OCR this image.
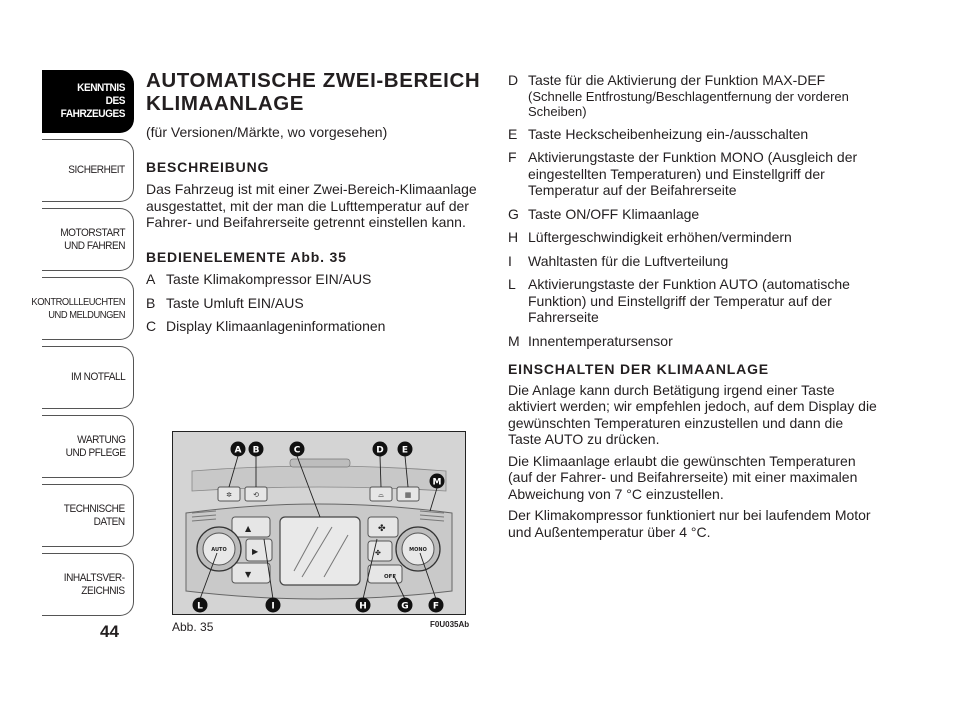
KENNTNIS
DES FAHRZEUGES
SICHERHEIT
MOTORSTART
UND FAHREN
KONTROLLLEUCHTEN
UND MELDUNGEN
IM NOTFALL
WARTUNG
UND PFLEGE
TECHNISCHE
DATEN
INHALTSVER-
ZEICHNIS
44
AUTOMATISCHE ZWEI-BEREICH KLIMAANLAGE
(für Versionen/Märkte, wo vorgesehen)
BESCHREIBUNG

Das Fahrzeug ist mit einer Zwei-Bereich-Klimaanlage ausgestattet, mit der man die Lufttemperatur auf der Fahrer- und Beifahrerseite getrennt einstellen kann.

BEDIENELEMENTE Abb. 35
A Taste Klimakompressor EIN/AUS
B Taste Umluft EIN/AUS
C Display Klimaanlageninformationen
D Taste für die Aktivierung der Funktion MAX-DEF
(Schnelle Entfrostung/Beschlagentfernung der vorderen Scheiben)
E Taste Heckscheibenheizung ein-/ausschalten
F Aktivierungstaste der Funktion MONO (Ausgleich der eingestellten Temperaturen) und Einstellgriff der Temperatur auf der Beifahrerseite
G Taste ON/OFF Klimaanlage
H Lüftergeschwindigkeit erhöhen/vermindern
I	Wahltasten für die Luftverteilung
L Aktivierungstaste der Funktion AUTO (automatische Funktion) und Einstellgriff der Temperatur auf der Fahrerseite
M Innentemperatursensor
EINSCHALTEN DER KLIMAANLAGE

Die Anlage kann durch Betätigung irgend einer Taste aktiviert werden; wir empfehlen jedoch, auf dem Display die gewünschten Temperaturen einzustellen und dann die Taste AUTO zu drücken.

Die Klimaanlage erlaubt die gewünschten Temperaturen (auf der Fahrer- und Beifahrerseite) mit einer maximalen Abweichung von 7 °C einzustellen.

Der Klimakompressor funktioniert nur bei laufendem Motor und Außentemperatur über 4 °C.

✲	⟲	⌓	▦
▲
▶
▼
✤
✤
OFF
AUTO	MONO
A B	C	D E
M
L	I	H	G	F
Abb. 35	F0U035Ab
